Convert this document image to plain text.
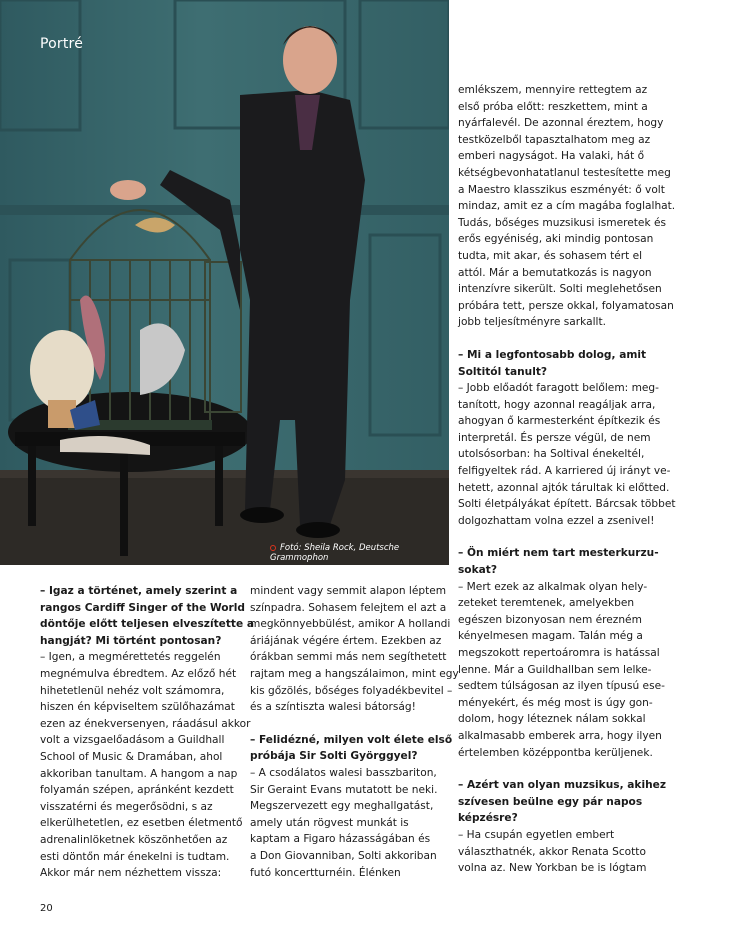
Portré
Fotó: Sheila Rock, Deutsche Grammophon
– Igaz a történet, amely szerint a
rangos Cardiff Singer of the World
döntője előtt teljesen elveszítette a
hangját? Mi történt pontosan?
– Igen, a megmérettetés reggelén
megnémulva ébredtem. Az előző hét
hihetetlenül nehéz volt számomra,
hiszen én képviseltem szülőhazámat
ezen az énekversenyen, ráadásul akkor
volt a vizsgaelőadásom a Guildhall
School of Music & Dramában, ahol
akkoriban tanultam. A hangom a nap
folyamán szépen, apránként kezdett
visszatérni és megerősödni, s az
elkerülhetetlen, ez esetben életmentő
adrenalinlöketnek köszönhetően az
esti döntőn már énekelni is tudtam.
Akkor már nem nézhettem vissza:
mindent vagy semmit alapon léptem
színpadra. Sohasem felejtem el azt a
megkönnyebbülést, amikor A hollandi
áriájának végére értem. Ezekben az
órákban semmi más nem segíthetett
rajtam meg a hangszálaimon, mint egy
kis gőzölés, bőséges folyadékbevitel –
és a színtiszta walesi bátorság!
– Felidézné, milyen volt élete első
próbája Sir Solti Györggyel?
– A csodálatos walesi basszbariton,
Sir Geraint Evans mutatott be neki.
Megszervezett egy meghallgatást,
amely után rögvest munkát is
kaptam a Figaro házasságában és
a Don Giovanniban, Solti akkoriban
futó koncertturnéin. Élénken
emlékszem, mennyire rettegtem az
első próba előtt: reszkettem, mint a
nyárfalevél. De azonnal éreztem, hogy
testközelből tapasztalhatom meg az
emberi nagyságot. Ha valaki, hát ő
kétségbevonhatatlanul testesítette meg
a Maestro klasszikus eszményét: ő volt
mindaz, amit ez a cím magába foglalhat.
Tudás, bőséges muzsikusi ismeretek és
erős egyéniség, aki mindig pontosan
tudta, mit akar, és sohasem tért el
attól. Már a bemutatkozás is nagyon
intenzívre sikerült. Solti meglehetősen
próbára tett, persze okkal, folyamatosan
jobb teljesítményre sarkallt.
– Mi a legfontosabb dolog, amit
Soltitól tanult?
– Jobb előadót faragott belőlem: meg-
tanított, hogy azonnal reagáljak arra,
ahogyan ő karmesterként építkezik és
interpretál. És persze végül, de nem
utolsósorban: ha Soltival énekeltél,
felfigyeltek rád. A karriered új irányt ve-
hetett, azonnal ajtók tárultak ki előtted.
Solti életpályákat épített. Bárcsak többet
dolgozhattam volna ezzel a zsenivel!
– Ön miért nem tart mesterkurzu-
sokat?
– Mert ezek az alkalmak olyan hely-
zeteket teremtenek, amelyekben
egészen bizonyosan nem érezném
kényelmesen magam. Talán még a
megszokott repertoáromra is hatással
lenne. Már a Guildhallban sem lelke-
sedtem túlságosan az ilyen típusú ese-
ményekért, és még most is úgy gon-
dolom, hogy léteznek nálam sokkal
alkalmasabb emberek arra, hogy ilyen
értelemben középpontba kerüljenek.
– Azért van olyan muzsikus, akihez
szívesen beülne egy pár napos
képzésre?
– Ha csupán egyetlen embert
választhatnék, akkor Renata Scotto
volna az. New Yorkban be is lógtam
20
